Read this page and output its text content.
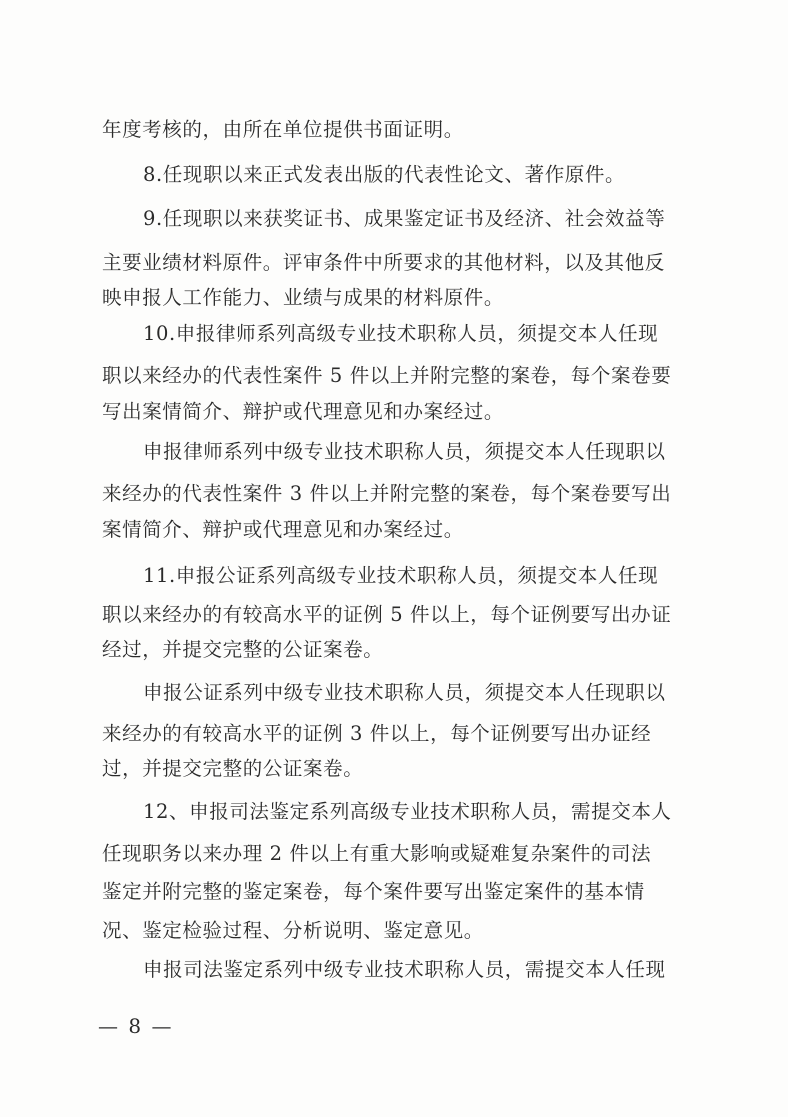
年度考核的，由所在单位提供书面证明。
8.任现职以来正式发表出版的代表性论文、著作原件。
9.任现职以来获奖证书、成果鉴定证书及经济、社会效益等
主要业绩材料原件。评审条件中所要求的其他材料，以及其他反
映申报人工作能力、业绩与成果的材料原件。
10.申报律师系列高级专业技术职称人员，须提交本人任现
职以来经办的代表性案件 5 件以上并附完整的案卷，每个案卷要
写出案情简介、辩护或代理意见和办案经过。
申报律师系列中级专业技术职称人员，须提交本人任现职以
来经办的代表性案件 3 件以上并附完整的案卷，每个案卷要写出
案情简介、辩护或代理意见和办案经过。
11.申报公证系列高级专业技术职称人员，须提交本人任现
职以来经办的有较高水平的证例 5 件以上，每个证例要写出办证
经过，并提交完整的公证案卷。
申报公证系列中级专业技术职称人员，须提交本人任现职以
来经办的有较高水平的证例 3 件以上，每个证例要写出办证经
过，并提交完整的公证案卷。
12、申报司法鉴定系列高级专业技术职称人员，需提交本人
任现职务以来办理 2 件以上有重大影响或疑难复杂案件的司法
鉴定并附完整的鉴定案卷，每个案件要写出鉴定案件的基本情
况、鉴定检验过程、分析说明、鉴定意见。
申报司法鉴定系列中级专业技术职称人员，需提交本人任现
— 8 —
